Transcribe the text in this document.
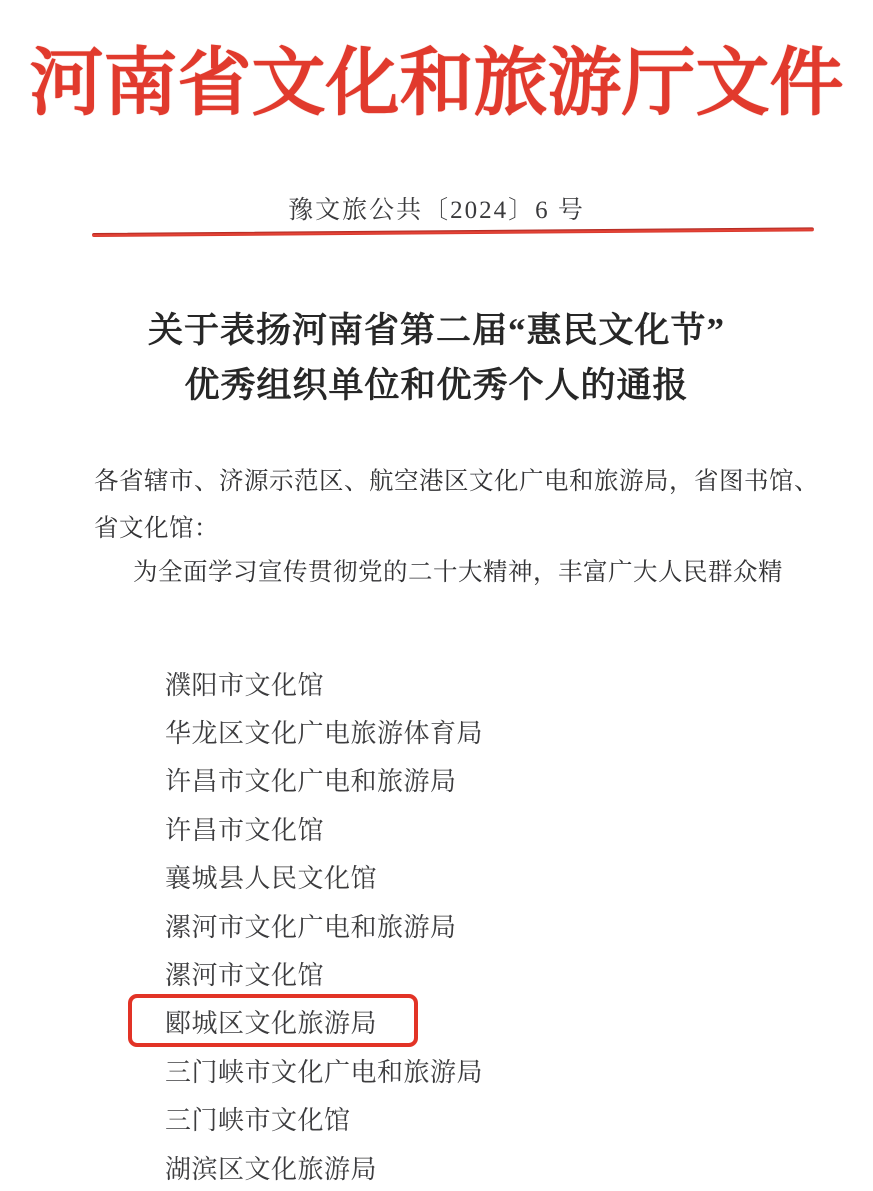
河南省文化和旅游厅文件
豫文旅公共〔2024〕6 号
关于表扬河南省第二届“惠民文化节”
优秀组织单位和优秀个人的通报
各省辖市、济源示范区、航空港区文化广电和旅游局，省图书馆、
省文化馆：
为全面学习宣传贯彻党的二十大精神，丰富广大人民群众精
濮阳市文化馆
华龙区文化广电旅游体育局
许昌市文化广电和旅游局
许昌市文化馆
襄城县人民文化馆
漯河市文化广电和旅游局
漯河市文化馆
郾城区文化旅游局
三门峡市文化广电和旅游局
三门峡市文化馆
湖滨区文化旅游局
